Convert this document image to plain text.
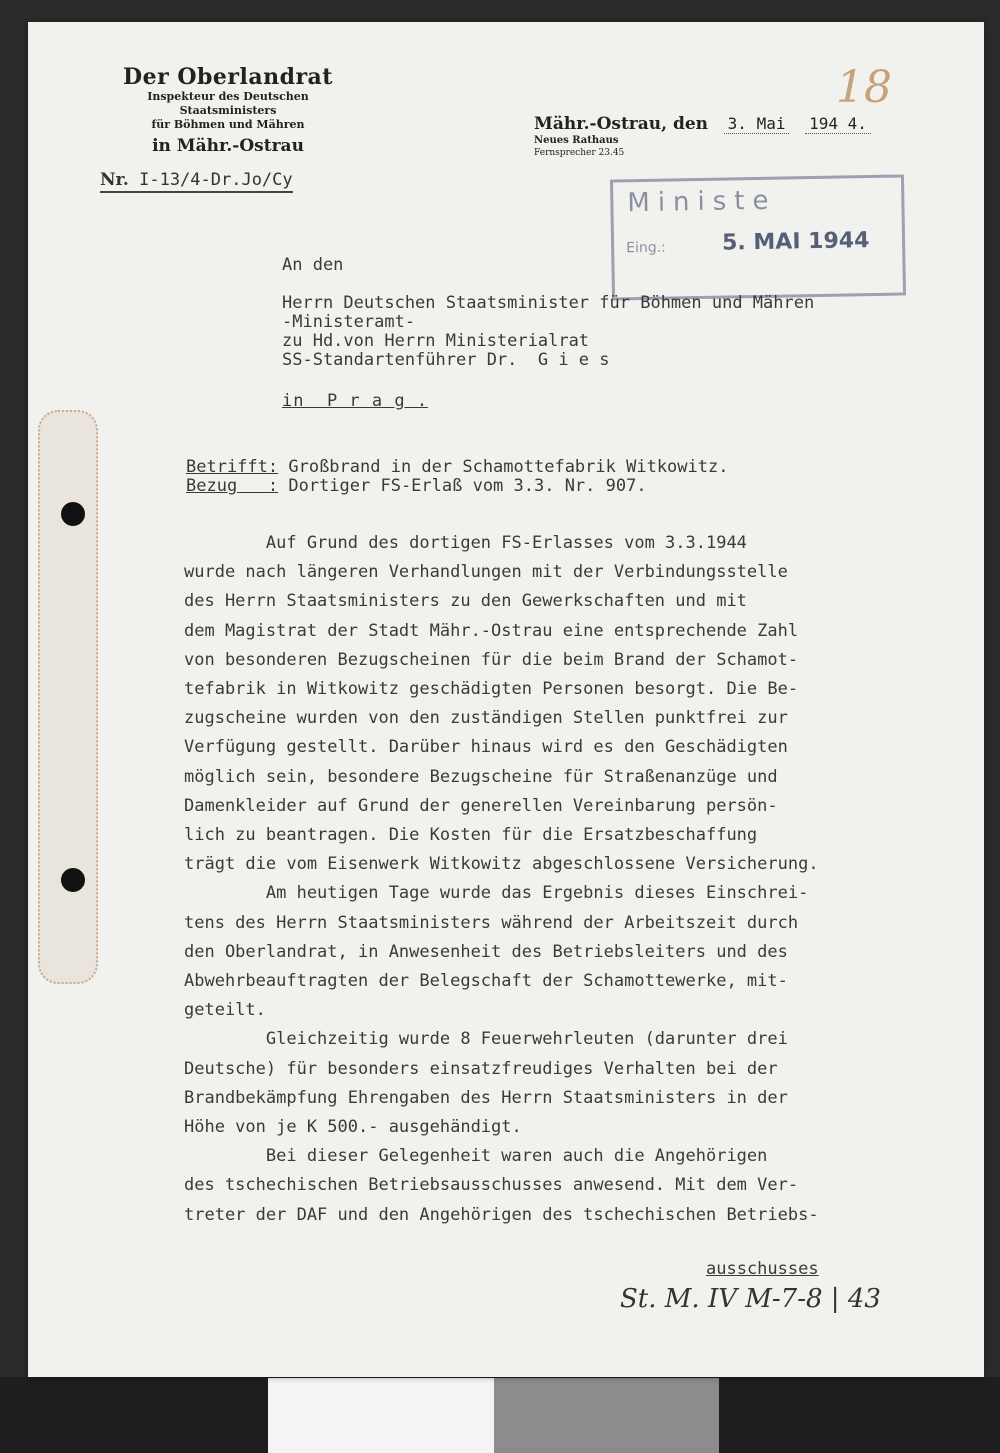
Der Oberlandrat
Inspekteur des Deutschen Staatsministers
für Böhmen und Mähren
in Mähr.-Ostrau
Nr. I-13/4-Dr.Jo/Cy
Mähr.-Ostrau, den 3. Mai 194 4.
Neues Rathaus
Fernsprecher 23.45
18
Ministe
Eing.:	5. MAI 1944
An den

Herrn Deutschen Staatsminister für Böhmen und Mähren
-Ministeramt-
zu Hd.von Herrn Ministerialrat
SS-Standartenführer Dr.  G i e s
in  P r a g .
Betrifft: Großbrand in der Schamottefabrik Witkowitz.
Bezug   : Dortiger FS-Erlaß vom 3.3. Nr. 907.
Auf Grund des dortigen FS-Erlasses vom 3.3.1944
wurde nach längeren Verhandlungen mit der Verbindungsstelle
des Herrn Staatsministers zu den Gewerkschaften und mit
dem Magistrat der Stadt Mähr.-Ostrau eine entsprechende Zahl
von besonderen Bezugscheinen für die beim Brand der Schamot-
tefabrik in Witkowitz geschädigten Personen besorgt. Die Be-
zugscheine wurden von den zuständigen Stellen punktfrei zur
Verfügung gestellt. Darüber hinaus wird es den Geschädigten
möglich sein, besondere Bezugscheine für Straßenanzüge und
Damenkleider auf Grund der generellen Vereinbarung persön-
lich zu beantragen. Die Kosten für die Ersatzbeschaffung
trägt die vom Eisenwerk Witkowitz abgeschlossene Versicherung.
Am heutigen Tage wurde das Ergebnis dieses Einschrei-
tens des Herrn Staatsministers während der Arbeitszeit durch
den Oberlandrat, in Anwesenheit des Betriebsleiters und des
Abwehrbeauftragten der Belegschaft der Schamottewerke, mit-
geteilt.
Gleichzeitig wurde 8 Feuerwehrleuten (darunter drei
Deutsche) für besonders einsatzfreudiges Verhalten bei der
Brandbekämpfung Ehrengaben des Herrn Staatsministers in der
Höhe von je K 500.- ausgehändigt.
Bei dieser Gelegenheit waren auch die Angehörigen
des tschechischen Betriebsausschusses anwesend. Mit dem Ver-
treter der DAF und den Angehörigen des tschechischen Betriebs-
ausschusses
St. M. IV M-7-8 | 43
